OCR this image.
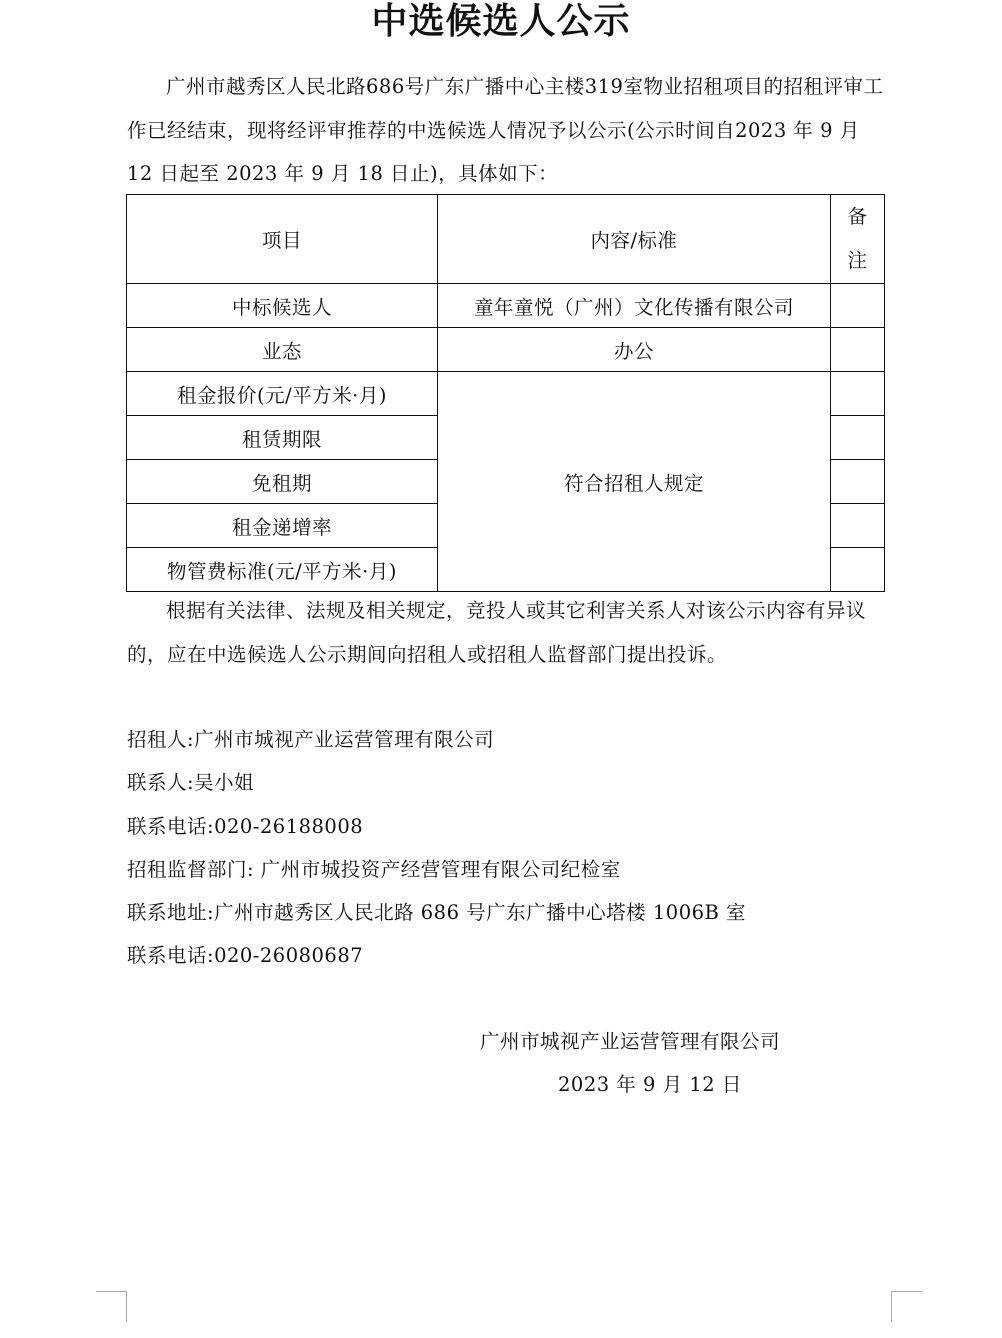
中选候选人公示

广州市越秀区人民北路686号广东广播中心主楼319室物业招租项目的招租评审工作已经结束，现将经评审推荐的中选候选人情况予以公示(公示时间自2023 年 9 月 12 日起至 2023 年 9 月 18 日止)，具体如下：

项目	内容/标准	备注
中标候选人	童年童悦（广州）文化传播有限公司	
业态	办公	
租金报价(元/平方米·月)	符合招租人规定	
租赁期限		
免租期		
租金递增率		
物管费标准(元/平方米·月)		

根据有关法律、法规及相关规定，竞投人或其它利害关系人对该公示内容有异议的，应在中选候选人公示期间向招租人或招租人监督部门提出投诉。

招租人:广州市城视产业运营管理有限公司

联系人:吴小姐

联系电话:020-26188008

招租监督部门: 广州市城投资产经营管理有限公司纪检室

联系地址:广州市越秀区人民北路 686 号广东广播中心塔楼 1006B 室

联系电话:020-26080687

广州市城视产业运营管理有限公司

2023 年 9 月 12 日
